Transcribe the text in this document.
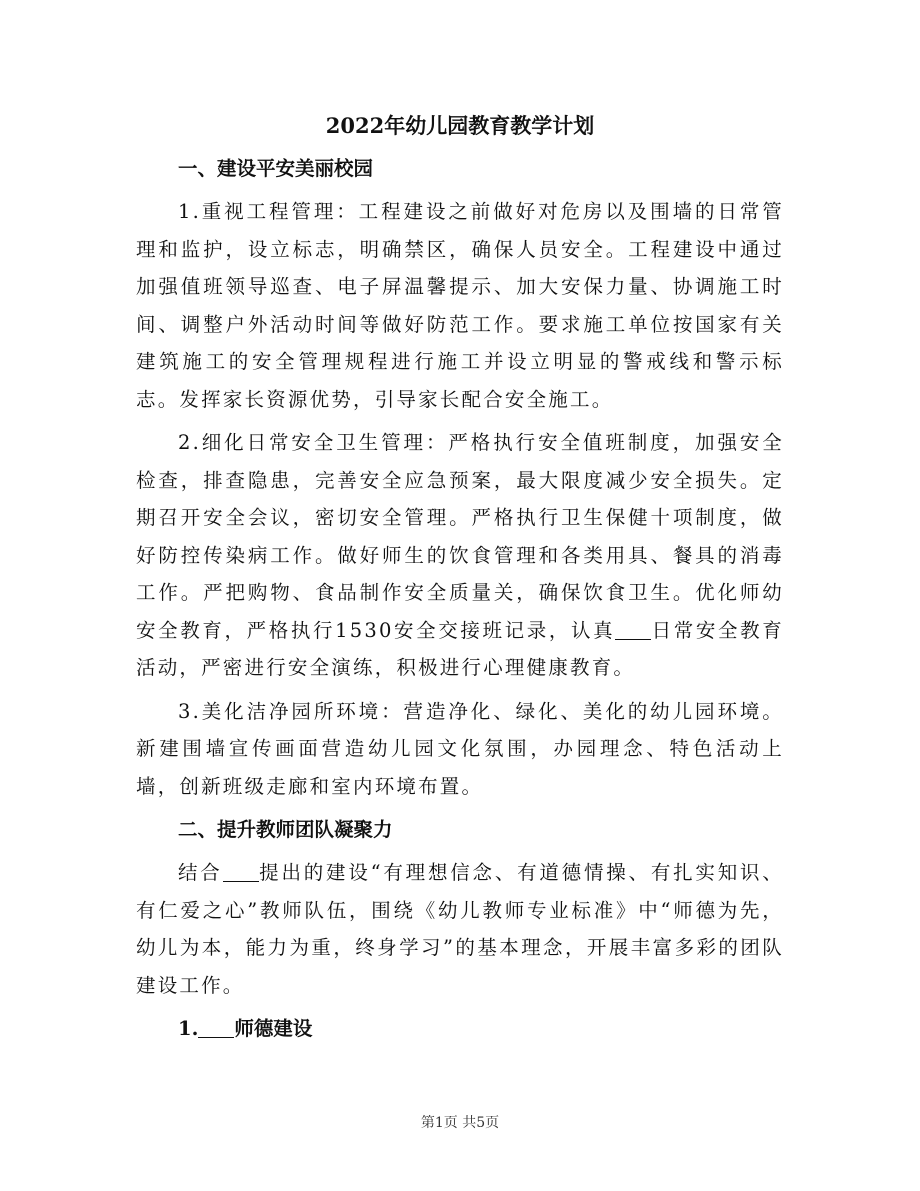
2022年幼儿园教育教学计划
一、建设平安美丽校园

1.重视工程管理：工程建设之前做好对危房以及围墙的日常管理和监护，设立标志，明确禁区，确保人员安全。工程建设中通过加强值班领导巡查、电子屏温馨提示、加大安保力量、协调施工时间、调整户外活动时间等做好防范工作。要求施工单位按国家有关建筑施工的安全管理规程进行施工并设立明显的警戒线和警示标志。发挥家长资源优势，引导家长配合安全施工。

2.细化日常安全卫生管理：严格执行安全值班制度，加强安全检查，排查隐患，完善安全应急预案，最大限度减少安全损失。定期召开安全会议，密切安全管理。严格执行卫生保健十项制度，做好防控传染病工作。做好师生的饮食管理和各类用具、餐具的消毒工作。严把购物、食品制作安全质量关，确保饮食卫生。优化师幼安全教育，严格执行1530安全交接班记录，认真 日常安全教育活动，严密进行安全演练，积极进行心理健康教育。

3.美化洁净园所环境：营造净化、绿化、美化的幼儿园环境。新建围墙宣传画面营造幼儿园文化氛围，办园理念、特色活动上墙，创新班级走廊和室内环境布置。

二、提升教师团队凝聚力

结合 提出的建设“有理想信念、有道德情操、有扎实知识、有仁爱之心”教师队伍，围绕《幼儿教师专业标准》中“师德为先，幼儿为本，能力为重，终身学习”的基本理念，开展丰富多彩的团队建设工作。

1. 师德建设
第1页 共5页
